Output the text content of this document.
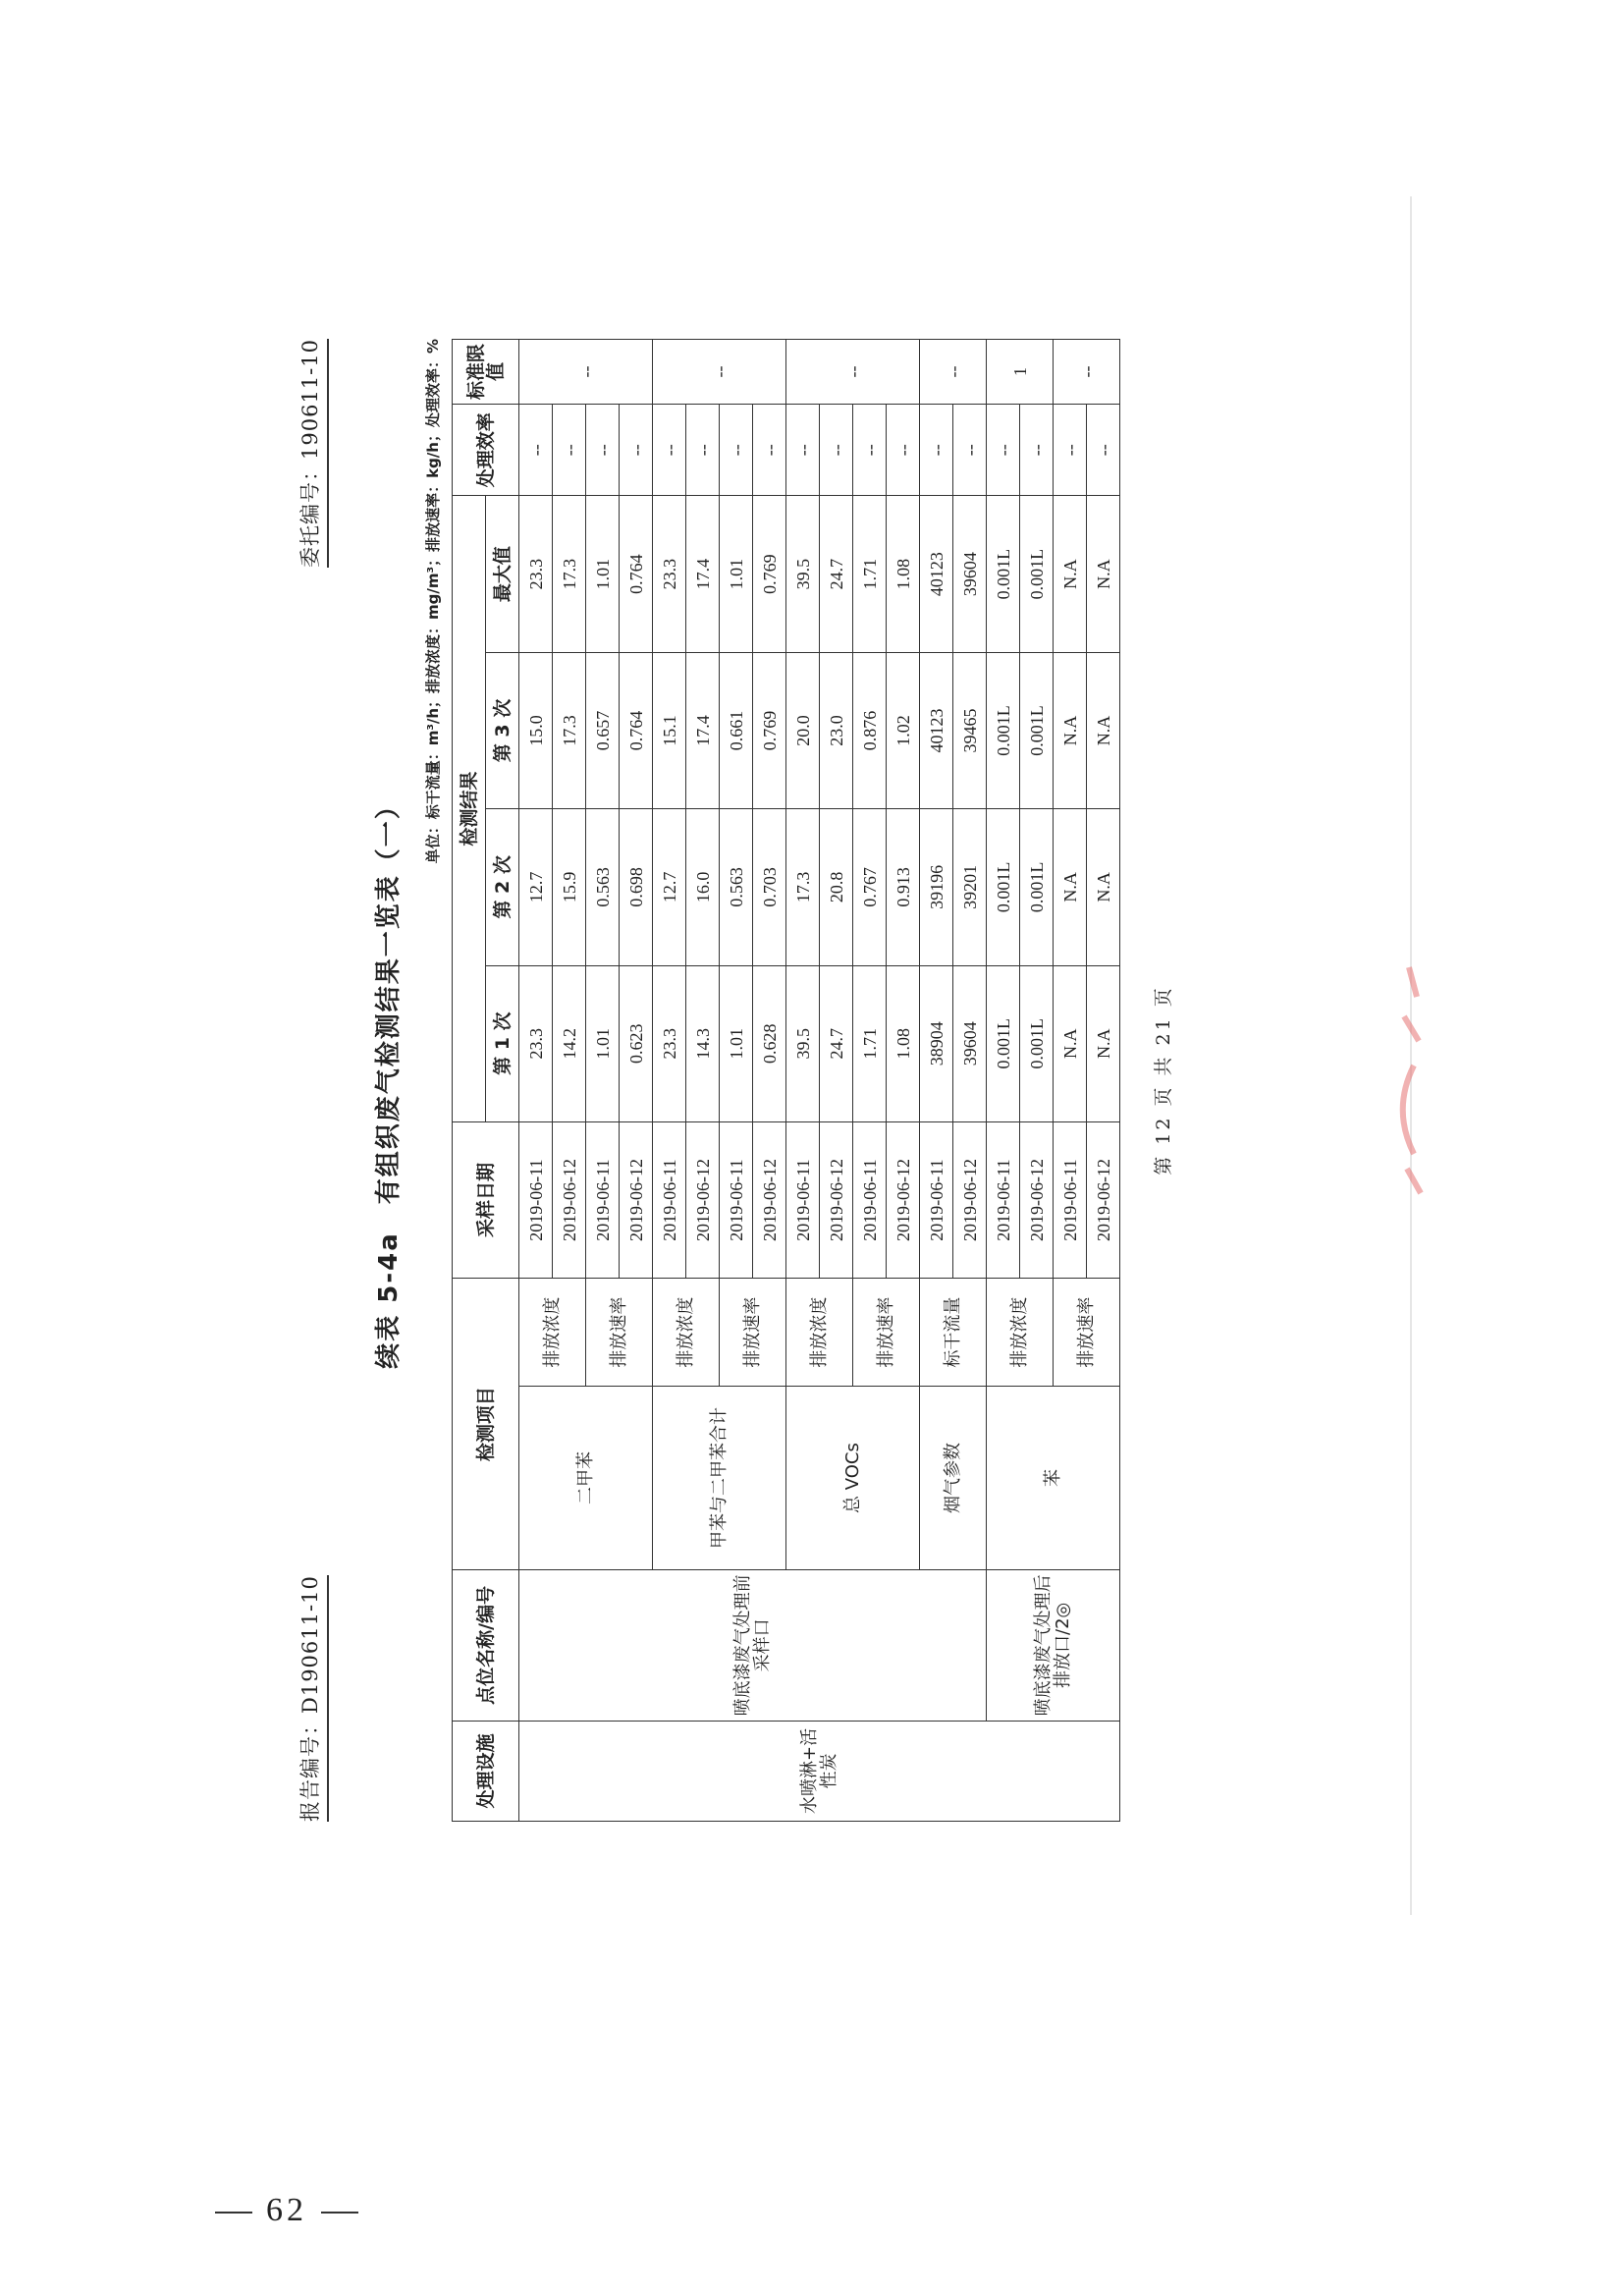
报告编号：D190611-10
委托编号：190611-10
续表 5-4a　有组织废气检测结果一览表（一）
单位：标干流量：m³/h；排放浓度：mg/m³；排放速率：kg/h；处理效率：%
处理设施	点位名称/编号	检测项目		采样日期	检测结果				处理效率	标准限值
					第 1 次	第 2 次	第 3 次	最大值		
水喷淋+活性炭	喷底漆废气处理前采样口	二甲苯	排放浓度	2019-06-11	23.3	12.7	15.0	23.3	--	--
				2019-06-12	14.2	15.9	17.3	17.3	--	
			排放速率	2019-06-11	1.01	0.563	0.657	1.01	--	
				2019-06-12	0.623	0.698	0.764	0.764	--	
		甲苯与二甲苯合计	排放浓度	2019-06-11	23.3	12.7	15.1	23.3	--	--
				2019-06-12	14.3	16.0	17.4	17.4	--	
			排放速率	2019-06-11	1.01	0.563	0.661	1.01	--	
				2019-06-12	0.628	0.703	0.769	0.769	--	
		总 VOCs	排放浓度	2019-06-11	39.5	17.3	20.0	39.5	--	--
				2019-06-12	24.7	20.8	23.0	24.7	--	
			排放速率	2019-06-11	1.71	0.767	0.876	1.71	--	
				2019-06-12	1.08	0.913	1.02	1.08	--	
		烟气参数	标干流量	2019-06-11	38904	39196	40123	40123	--	--
				2019-06-12	39604	39201	39465	39604	--	
	喷底漆废气处理后排放口/2◎	苯	排放浓度	2019-06-11	0.001L	0.001L	0.001L	0.001L	--	1
				2019-06-12	0.001L	0.001L	0.001L	0.001L	--	
			排放速率	2019-06-11	N.A	N.A	N.A	N.A	--	--
				2019-06-12	N.A	N.A	N.A	N.A	--	
第 12 页 共 21 页
62
